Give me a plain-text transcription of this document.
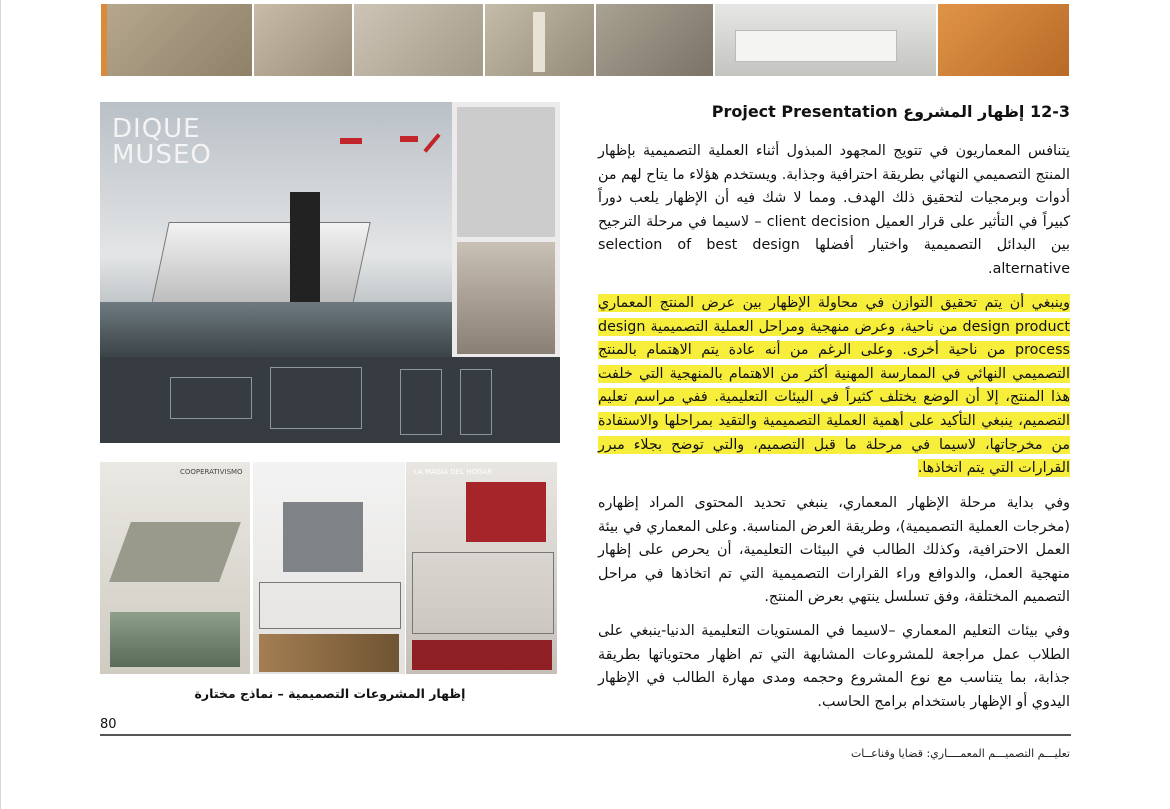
DIQUE
MUSEO
COOPERATIVISMO	LA MAGIA DEL HOGAR
إظهار المشروعات التصميمية – نماذج مختارة
12-3 إظهار المشروع Project Presentation

يتنافس المعماريون في تتويج المجهود المبذول أثناء العملية التصميمية بإظهار المنتج التصميمي النهائي بطريقة احترافية وجذابة. ويستخدم هؤلاء ما يتاح لهم من أدوات وبرمجيات لتحقيق ذلك الهدف. ومما لا شك فيه أن الإظهار يلعب دوراً كبيراً في التأثير على قرار العميل client decision – لاسيما في مرحلة الترجيح بين البدائل التصميمية واختيار أفضلها selection of best design alternative.

وينبغي أن يتم تحقيق التوازن في محاولة الإظهار بين عرض المنتج المعماري design product من ناحية، وعرض منهجية ومراحل العملية التصميمية design process من ناحية أخرى. وعلى الرغم من أنه عادة يتم الاهتمام بالمنتج التصميمي النهائي في الممارسة المهنية أكثر من الاهتمام بالمنهجية التي خلفت هذا المنتج، إلا أن الوضع يختلف كثيراً في البيئات التعليمية. ففي مراسم تعليم التصميم، ينبغي التأكيد على أهمية العملية التصميمية والتقيد بمراحلها والاستفادة من مخرجاتها، لاسيما في مرحلة ما قبل التصميم، والتي توضح بجلاء مبرر القرارات التي يتم اتخاذها.

وفي بداية مرحلة الإظهار المعماري، ينبغي تحديد المحتوى المراد إظهاره (مخرجات العملية التصميمية)، وطريقة العرض المناسبة. وعلى المعماري في بيئة العمل الاحترافية، وكذلك الطالب في البيئات التعليمية، أن يحرص على إظهار منهجية العمل، والدوافع وراء القرارات التصميمية التي تم اتخاذها في مراحل التصميم المختلفة، وفق تسلسل ينتهي بعرض المنتج.

وفي بيئات التعليم المعماري –لاسيما في المستويات التعليمية الدنيا-ينبغي على الطلاب عمل مراجعة للمشروعات المشابهة التي تم اظهار محتوياتها بطريقة جذابة، بما يتناسب مع نوع المشروع وحجمه ومدى مهارة الطالب في الإظهار اليدوي أو الإظهار باستخدام برامج الحاسب.

80
تعليـــم التصميـــم المعمــــاري: قضايا وقناعــات
